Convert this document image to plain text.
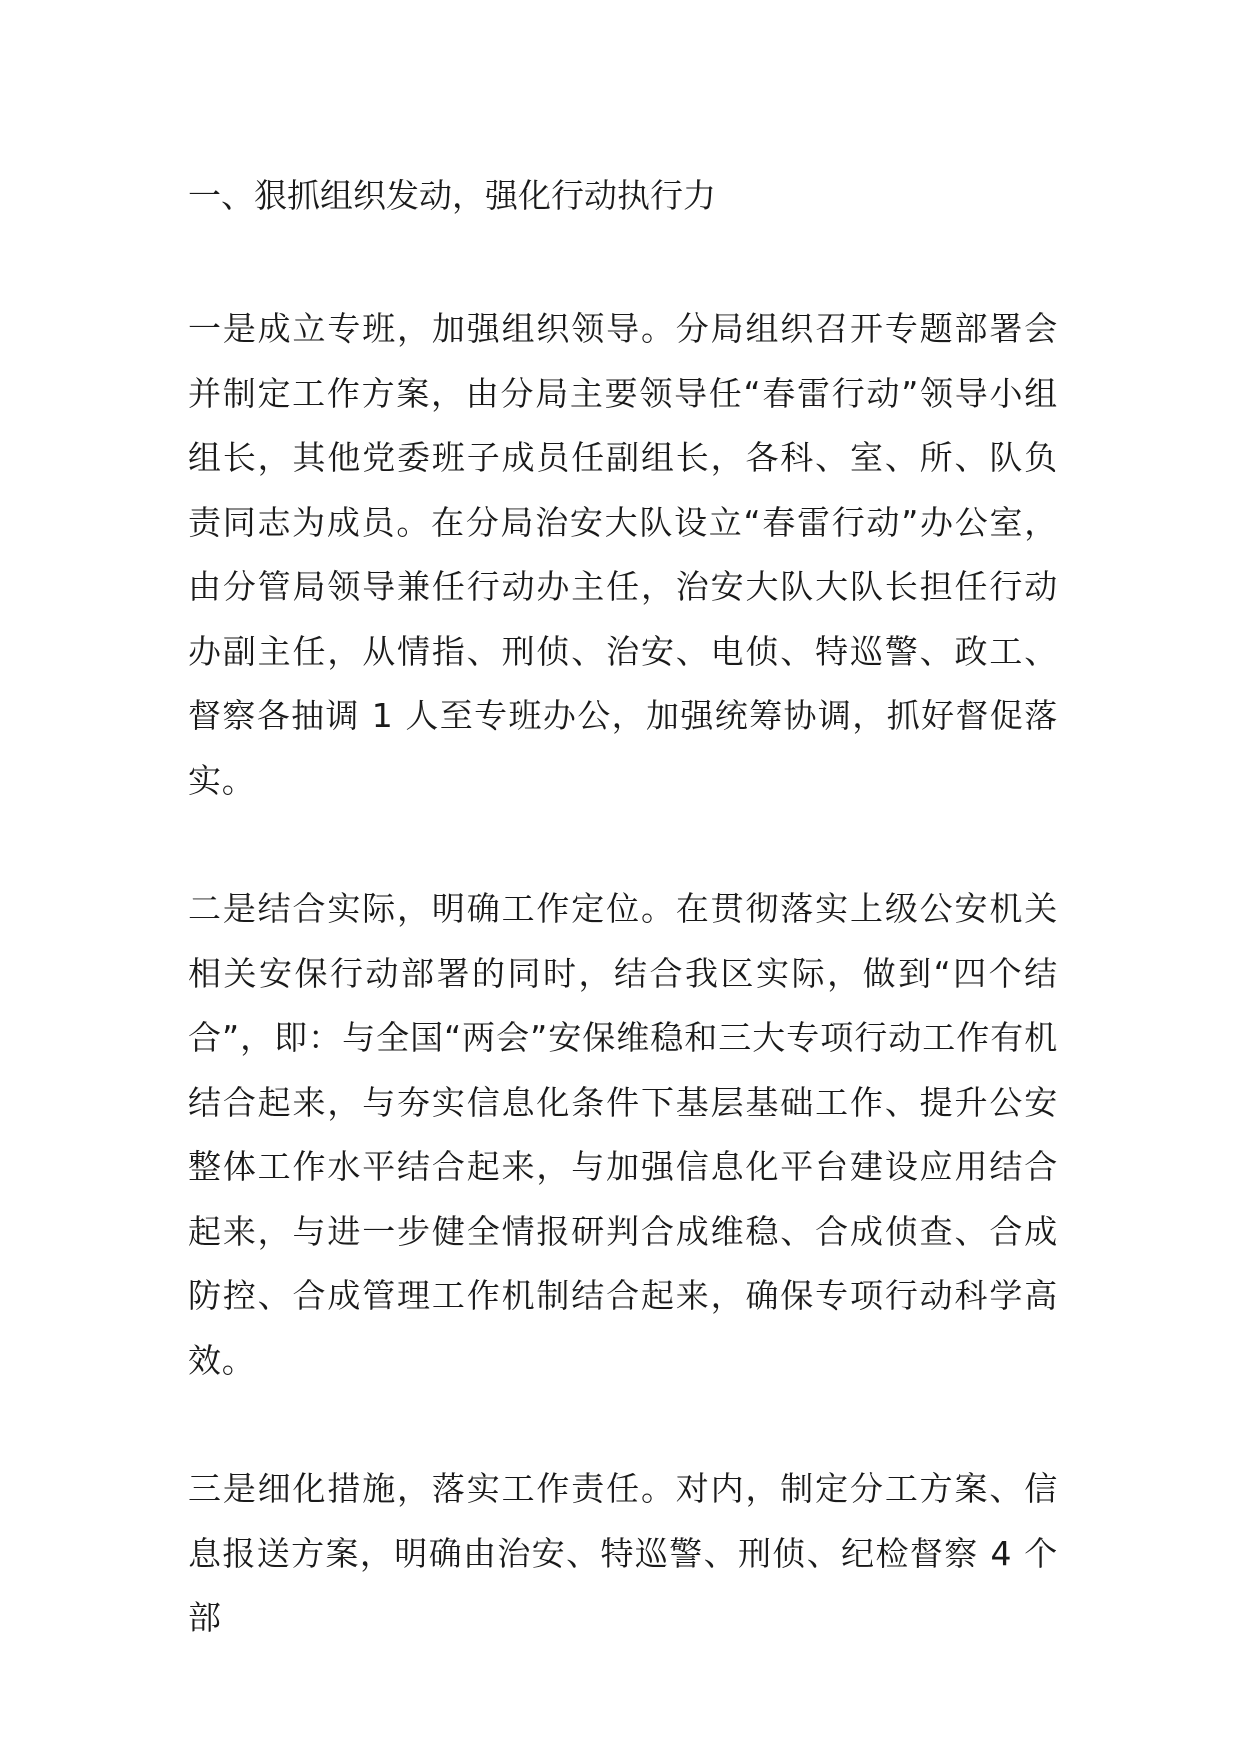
一、狠抓组织发动，强化行动执行力

一是成立专班，加强组织领导。分局组织召开专题部署会并制定工作方案，由分局主要领导任“春雷行动”领导小组组长，其他党委班子成员任副组长，各科、室、所、队负责同志为成员。在分局治安大队设立“春雷行动”办公室，由分管局领导兼任行动办主任，治安大队大队长担任行动办副主任，从情指、刑侦、治安、电侦、特巡警、政工、督察各抽调 1 人至专班办公，加强统筹协调，抓好督促落实。

二是结合实际，明确工作定位。在贯彻落实上级公安机关相关安保行动部署的同时，结合我区实际，做到“四个结合”，即：与全国“两会”安保维稳和三大专项行动工作有机结合起来，与夯实信息化条件下基层基础工作、提升公安整体工作水平结合起来，与加强信息化平台建设应用结合起来，与进一步健全情报研判合成维稳、合成侦查、合成防控、合成管理工作机制结合起来，确保专项行动科学高效。

三是细化措施，落实工作责任。对内，制定分工方案、信息报送方案，明确由治安、特巡警、刑侦、纪检督察 4 个部
